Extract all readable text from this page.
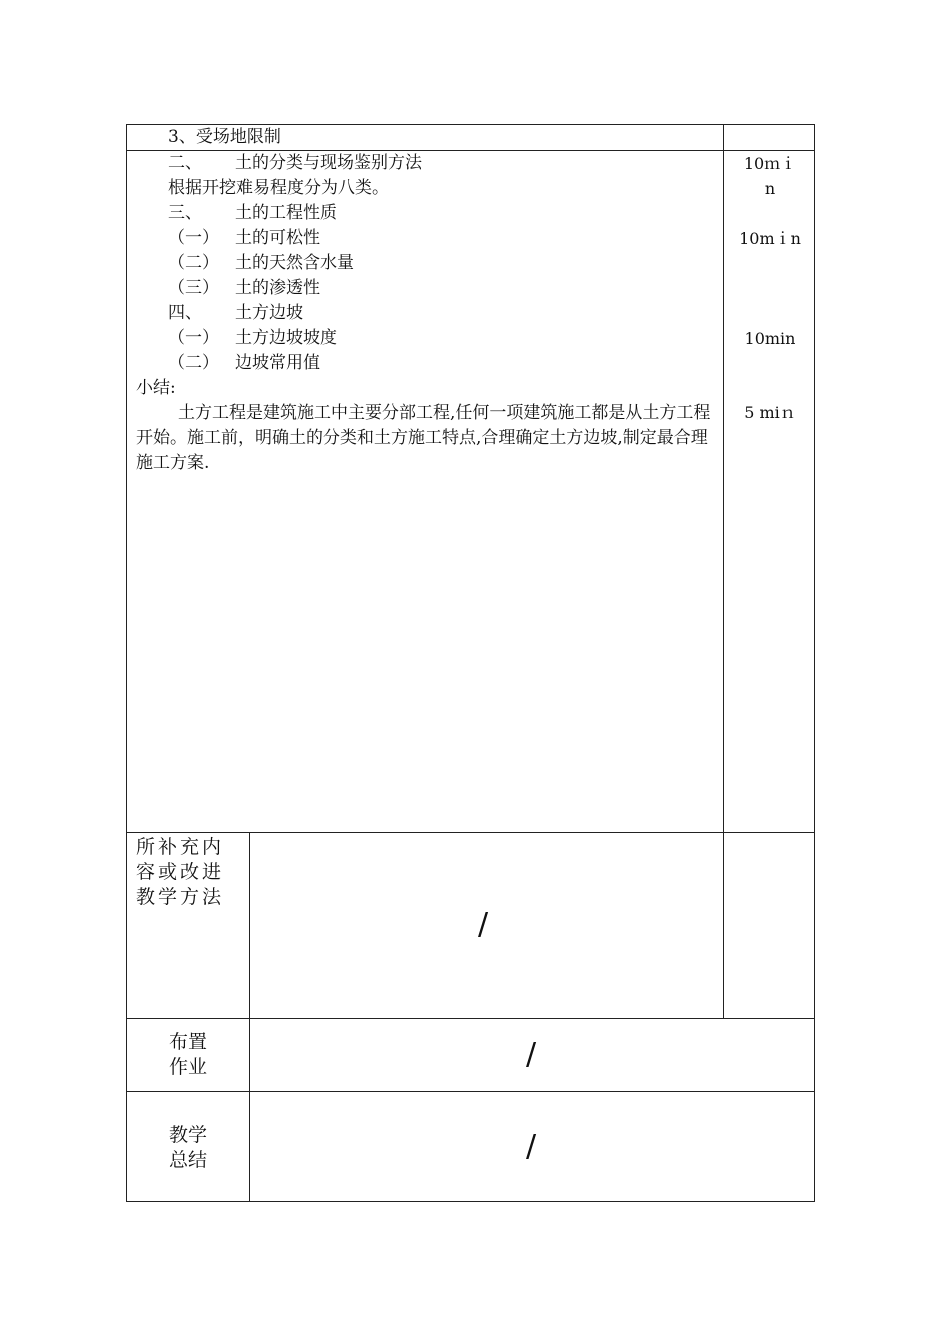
3、受场地限制
二、 土的分类与现场鉴别方法
根据开挖难易程度分为八类。
三、 土的工程性质
（一） 土的可松性
（二） 土的天然含水量
（三） 土的渗透性
四、 土方边坡
（一） 土方边坡坡度
（二） 边坡常用值
小结:
土方工程是建筑施工中主要分部工程,任何一项建筑施工都是从土方工程开始。施工前，明确土的分类和土方施工特点,合理确定土方边坡,制定最合理施工方案.
10ｍｉ
n
10mｉn
10min
5 miｎ
所补充内容或改进教学方法
/
布置
作业	/
教学
总结	/
